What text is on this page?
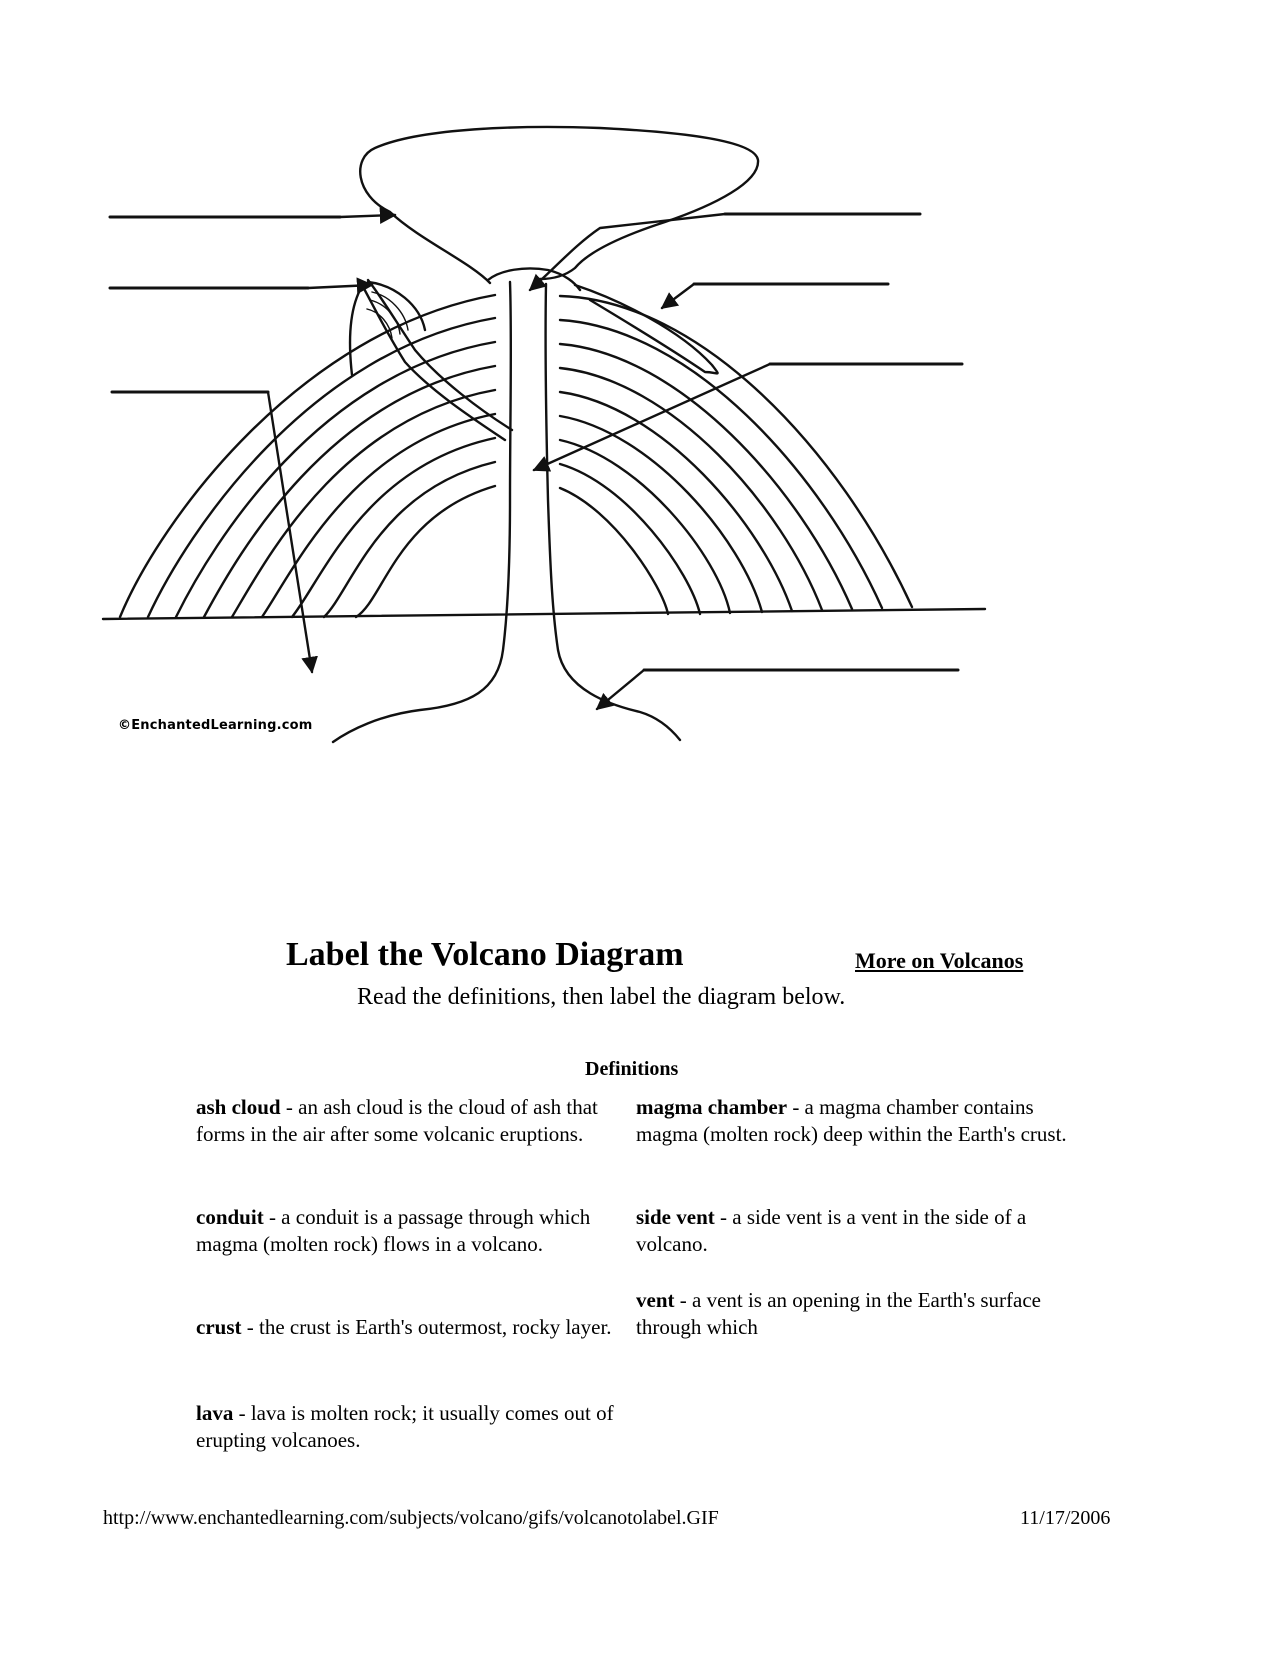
©EnchantedLearning.com
Label the Volcano Diagram	More on Volcanos
Read the definitions, then label the diagram below.
Definitions
ash cloud - an ash cloud is the cloud of ash that forms in the air after some volcanic eruptions.
conduit - a conduit is a passage through which magma (molten rock) flows in a volcano.
crust - the crust is Earth's outermost, rocky layer.
lava - lava is molten rock; it usually comes out of erupting volcanoes.
magma chamber - a magma chamber contains magma (molten rock) deep within the Earth's crust.
side vent - a side vent is a vent in the side of a volcano.
vent - a vent is an opening in the Earth's surface through which
http://www.enchantedlearning.com/subjects/volcano/gifs/volcanotolabel.GIF	11/17/2006
